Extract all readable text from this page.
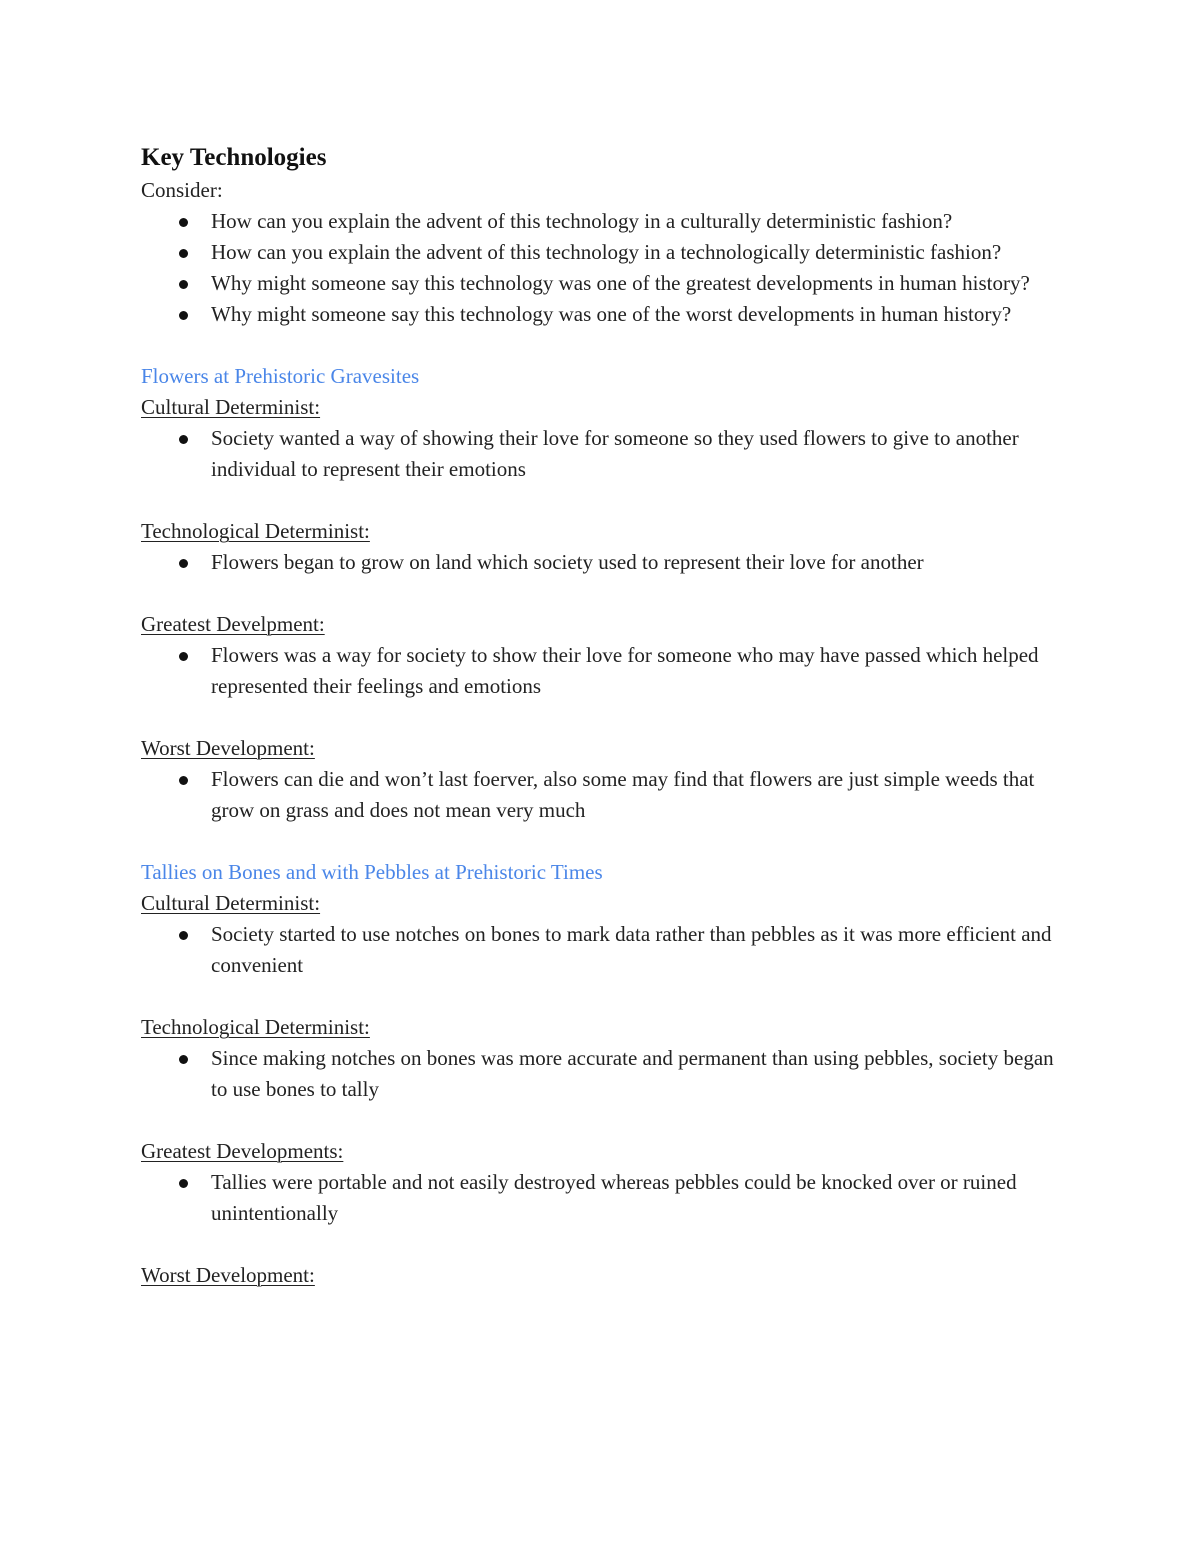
Key Technologies

Consider:

How can you explain the advent of this technology in a culturally deterministic fashion?
How can you explain the advent of this technology in a technologically deterministic fashion?
Why might someone say this technology was one of the greatest developments in human history?
Why might someone say this technology was one of the worst developments in human history?

Flowers at Prehistoric Gravesites

Cultural Determinist:

Society wanted a way of showing their love for someone so they used flowers to give to another individual to represent their emotions

Technological Determinist:

Flowers began to grow on land which society used to represent their love for another

Greatest Develpment:

Flowers was a way for society to show their love for someone who may have passed which helped represented their feelings and emotions

Worst Development:

Flowers can die and won’t last foerver, also some may find that flowers are just simple weeds that grow on grass and does not mean very much

Tallies on Bones and with Pebbles at Prehistoric Times

Cultural Determinist:

Society started to use notches on bones to mark data rather than pebbles as it was more efficient and convenient

Technological Determinist:

Since making notches on bones was more accurate and permanent than using pebbles, society began to use bones to tally

Greatest Developments:

Tallies were portable and not easily destroyed whereas pebbles could be knocked over or ruined unintentionally

Worst Development:
